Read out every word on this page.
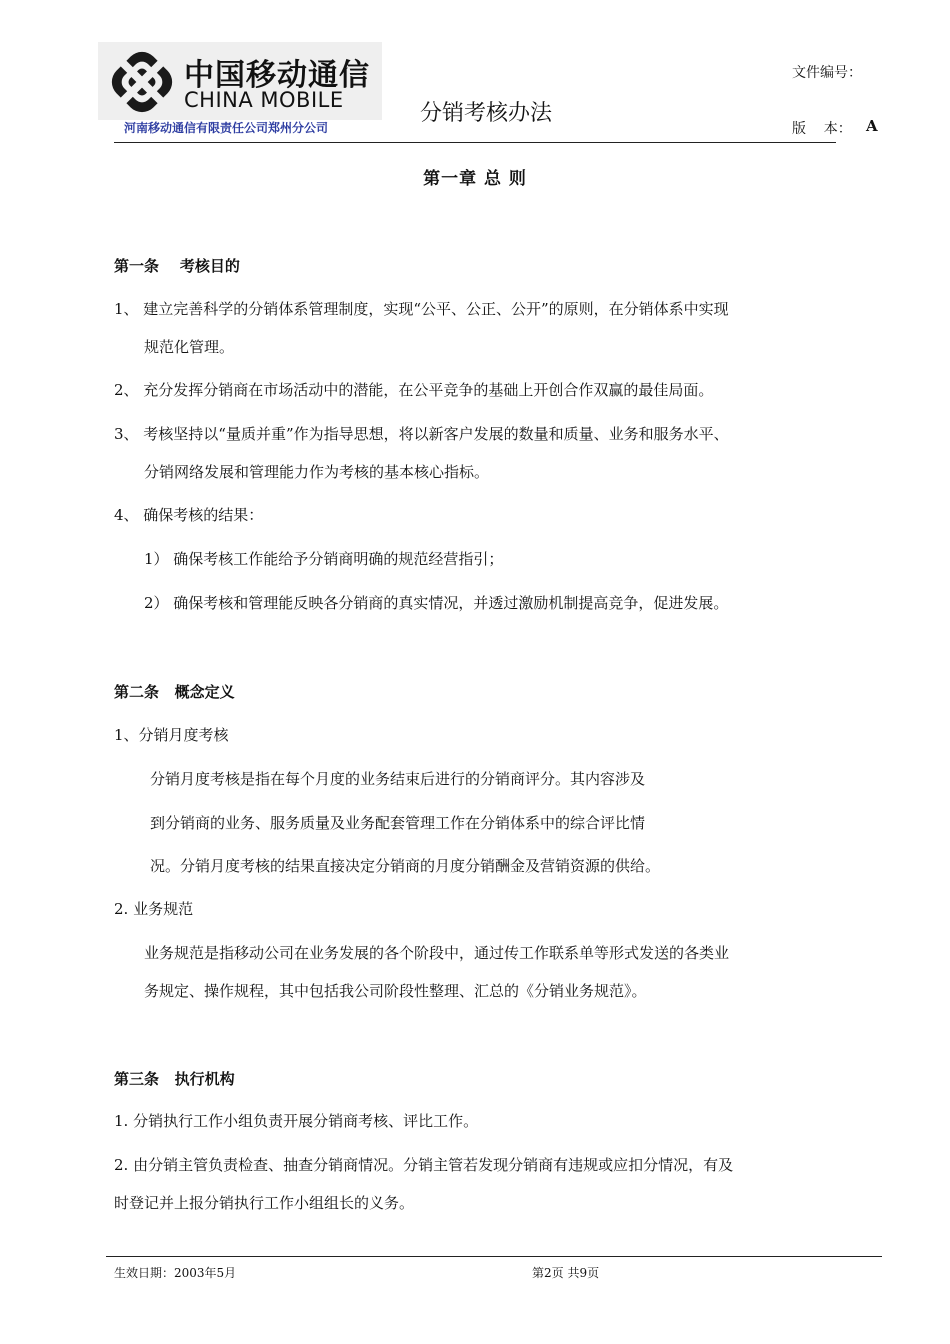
中国移动通信
CHINA MOBILE
河南移动通信有限责任公司郑州分公司
分销考核办法
文件编号：
版    本： A
第一章 总 则
第一条    考核目的
1、 建立完善科学的分销体系管理制度，实现“公平、公正、公开”的原则，在分销体系中实现
规范化管理。
2、 充分发挥分销商在市场活动中的潜能，在公平竞争的基础上开创合作双赢的最佳局面。
3、 考核坚持以“量质并重”作为指导思想，将以新客户发展的数量和质量、业务和服务水平、
分销网络发展和管理能力作为考核的基本核心指标。
4、 确保考核的结果：
1） 确保考核工作能给予分销商明确的规范经营指引；
2） 确保考核和管理能反映各分销商的真实情况，并透过激励机制提高竞争，促进发展。
第二条   概念定义
1、分销月度考核
分销月度考核是指在每个月度的业务结束后进行的分销商评分。其内容涉及
到分销商的业务、服务质量及业务配套管理工作在分销体系中的综合评比情
况。分销月度考核的结果直接决定分销商的月度分销酬金及营销资源的供给。
2. 业务规范
业务规范是指移动公司在业务发展的各个阶段中，通过传工作联系单等形式发送的各类业
务规定、操作规程，其中包括我公司阶段性整理、汇总的《分销业务规范》。
第三条   执行机构
1. 分销执行工作小组负责开展分销商考核、评比工作。
2. 由分销主管负责检查、抽查分销商情况。分销主管若发现分销商有违规或应扣分情况，有及
时登记并上报分销执行工作小组组长的义务。
生效日期：2003年5月	第2页 共9页
